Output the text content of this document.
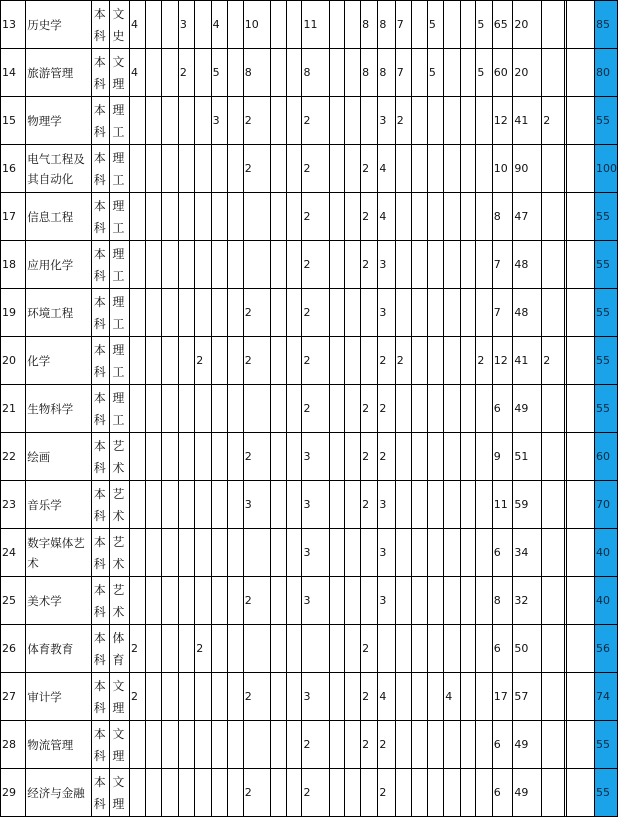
13	历史学	本科	文史	4			3		4		10			11			8	8	7		5			5	65	20				85
14	旅游管理	本科	文理	4			2		5		8			8			8	8	7		5			5	60	20				80
15	物理学	本科	理工						3		2			2				3	2						12	41	2			55
16	电气工程及其自动化	本科	理工								2			2			2	4							10	90				100
17	信息工程	本科	理工											2			2	4							8	47				55
18	应用化学	本科	理工											2			2	3							7	48				55
19	环境工程	本科	理工								2			2				3							7	48				55
20	化学	本科	理工					2			2			2				2	2					2	12	41	2			55
21	生物科学	本科	理工											2			2	2							6	49				55
22	绘画	本科	艺术								2			3			2	2							9	51				60
23	音乐学	本科	艺术								3			3			2	3							11	59				70
24	数字媒体艺术	本科	艺术											3				3							6	34				40
25	美术学	本科	艺术								2			3				3							8	32				40
26	体育教育	本科	体育	2				2									2								6	50				56
27	审计学	本科	文理	2							2			3			2	4				4			17	57				74
28	物流管理	本科	文理											2			2	2							6	49				55
29	经济与金融	本科	文理								2			2				2							6	49				55
